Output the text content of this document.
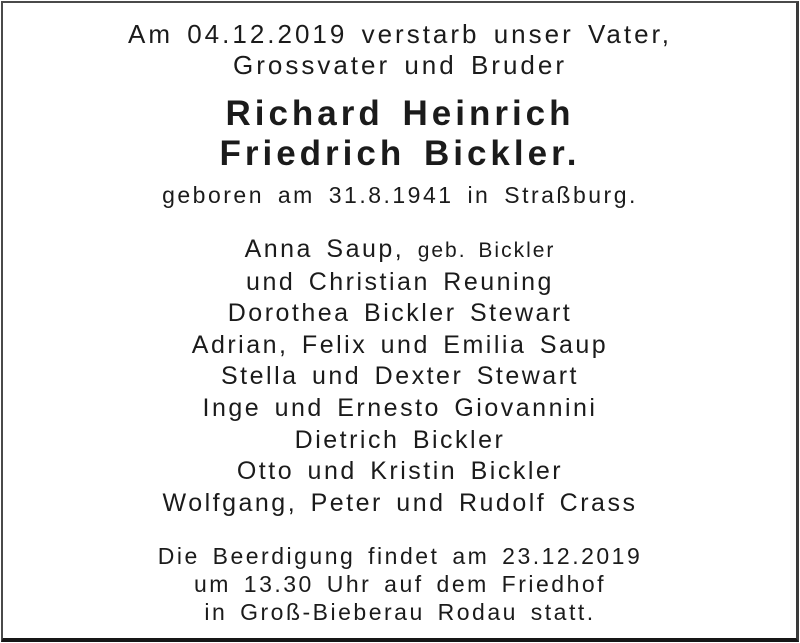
Am 04.12.2019 verstarb unser Vater,
Grossvater und Bruder
Richard Heinrich
Friedrich Bickler.
geboren am 31.8.1941 in Straßburg.
Anna Saup, geb. Bickler
und Christian Reuning
Dorothea Bickler Stewart
Adrian, Felix und Emilia Saup
Stella und Dexter Stewart
Inge und Ernesto Giovannini
Dietrich Bickler
Otto und Kristin Bickler
Wolfgang, Peter und Rudolf Crass
Die Beerdigung findet am 23.12.2019
um 13.30 Uhr auf dem Friedhof
in Groß-Bieberau Rodau statt.
